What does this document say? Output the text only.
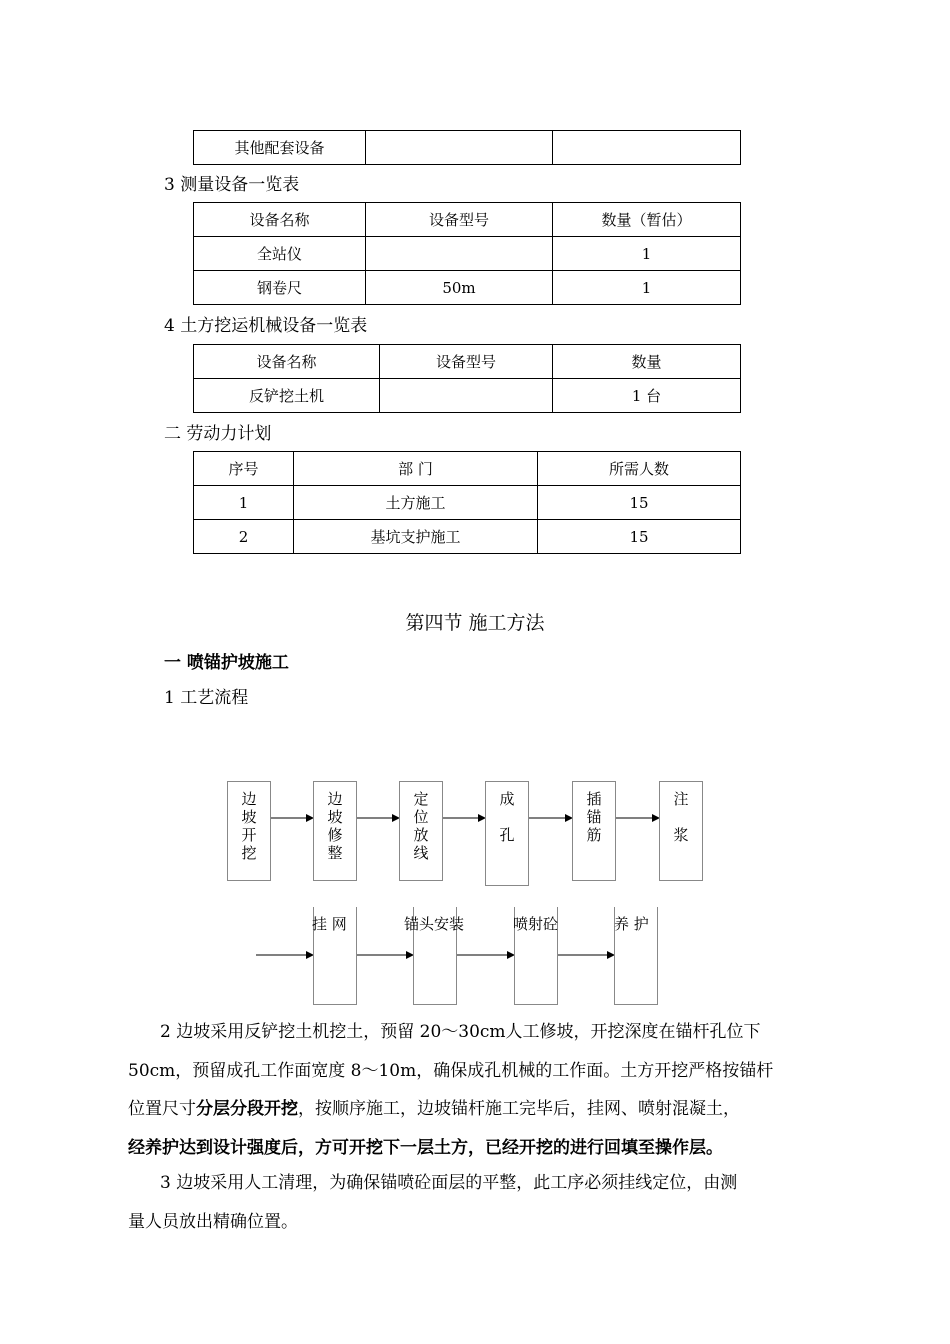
其他配套设备		
3 测量设备一览表
设备名称	设备型号	数量（暂估）
全站仪		1
钢卷尺	50m	1
4 土方挖运机械设备一览表
设备名称	设备型号	数量
反铲挖土机		1 台
二 劳动力计划
序号	部 门	所需人数
1	土方施工	15
2	基坑支护施工	15
第四节 施工方法
一 喷锚护坡施工
1 工艺流程
边
坡
开
挖
边
坡
修
整
定
位
放
线
成

孔
插
锚
筋
注

浆
挂 网	锚头安装	喷射砼	养 护
2 边坡采用反铲挖土机挖土，预留 20～30cm人工修坡，开挖深度在锚杆孔位下
50cm，预留成孔工作面宽度 8～10m，确保成孔机械的工作面。土方开挖严格按锚杆
位置尺寸分层分段开挖，按顺序施工，边坡锚杆施工完毕后，挂网、喷射混凝土，
经养护达到设计强度后，方可开挖下一层土方，已经开挖的进行回填至操作层。
3 边坡采用人工清理，为确保锚喷砼面层的平整，此工序必须挂线定位，由测
量人员放出精确位置。
